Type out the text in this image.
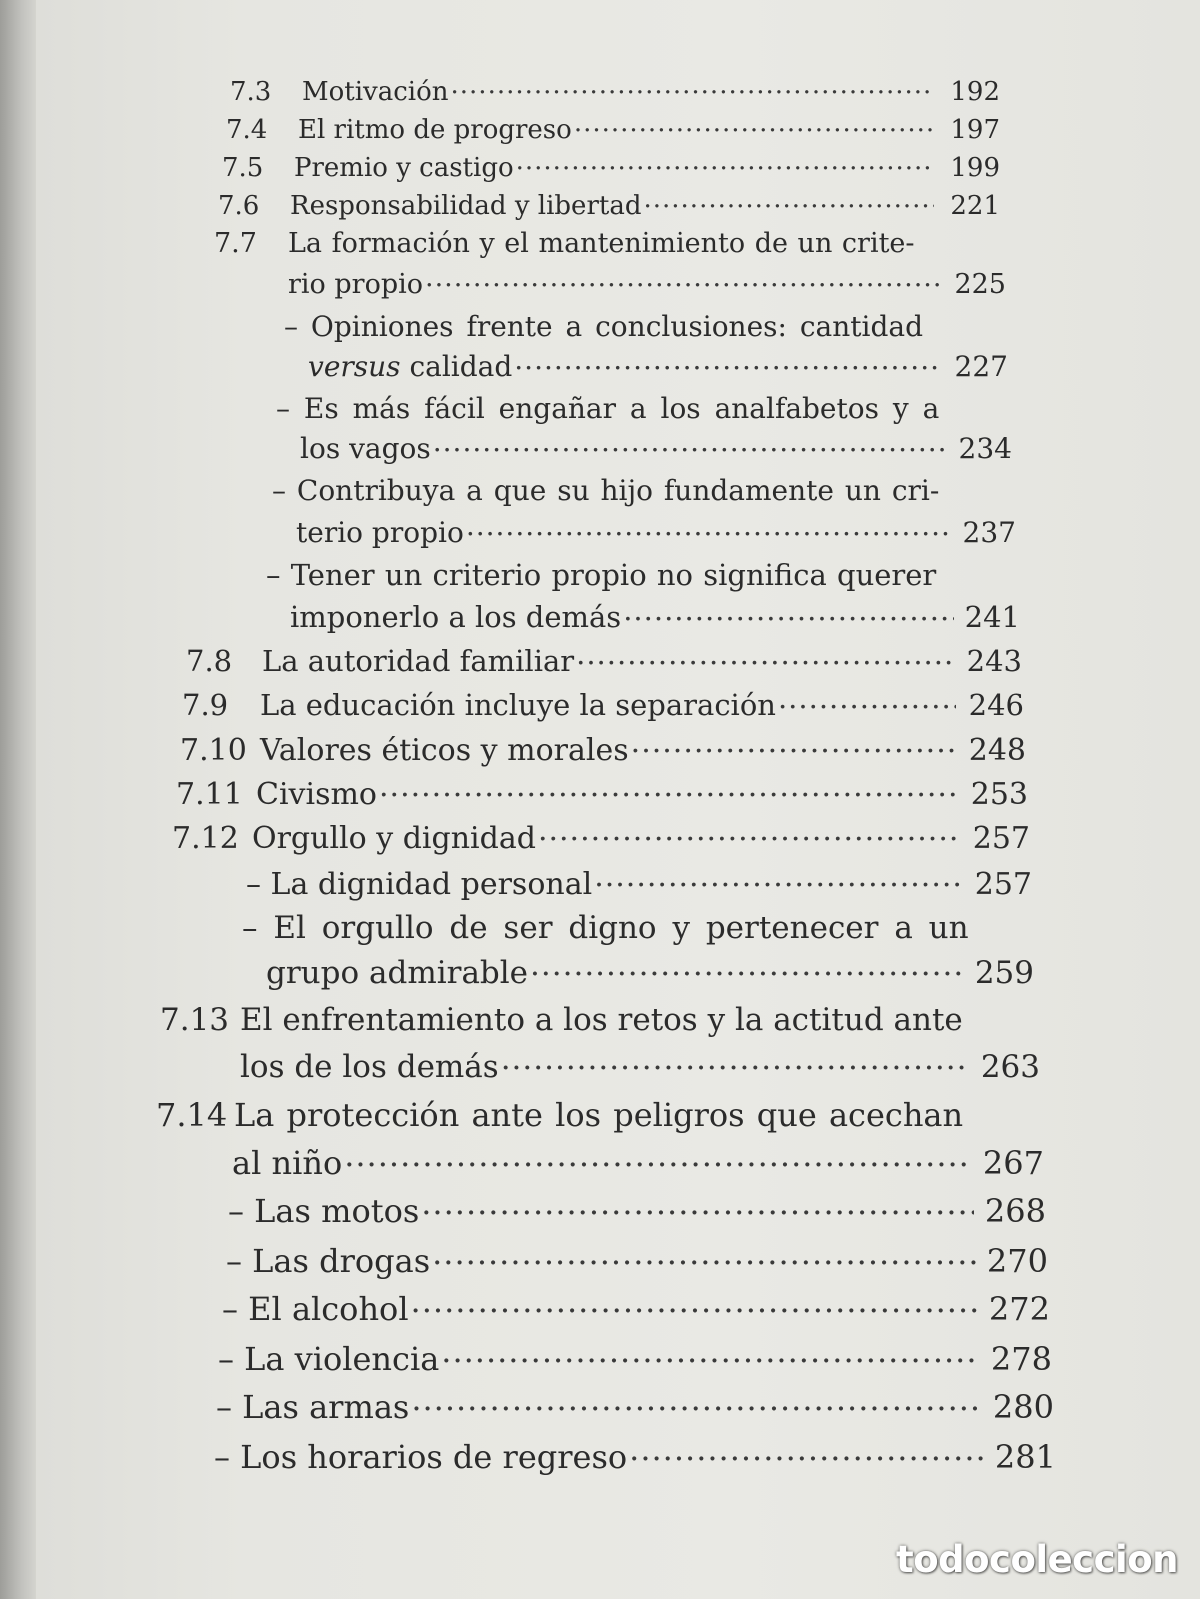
7.3	Motivación .....	192
7.4	El ritmo de progreso .....	197
7.5	Premio y castigo .....	199
7.6	Responsabilidad y libertad .....	221
7.7 La formación y el mantenimiento de un crite-
rio propio .....	225
– Opiniones frente a conclusiones: cantidad
versus calidad .....	227
– Es más fácil engañar a los analfabetos y a
los vagos .....	234
– Contribuya a que su hijo fundamente un cri-
terio propio .....	237
– Tener un criterio propio no significa querer
imponerlo a los demás .....	241
7.8	La autoridad familiar .....	243
7.9	La educación incluye la separación .....	246
7.10 Valores éticos y morales .....	248
7.11 Civismo .....	253
7.12 Orgullo y dignidad .....	257
– La dignidad personal .....	257
– El orgullo de ser digno y pertenecer a un
grupo admirable .....	259
7.13 El enfrentamiento a los retos y la actitud ante
los de los demás .....	263
7.14 La protección ante los peligros que acechan
al niño .....	267
– Las motos .....	268
– Las drogas .....	270
– El alcohol .....	272
– La violencia .....	278
– Las armas .....	280
– Los horarios de regreso .....	281
todocoleccion
